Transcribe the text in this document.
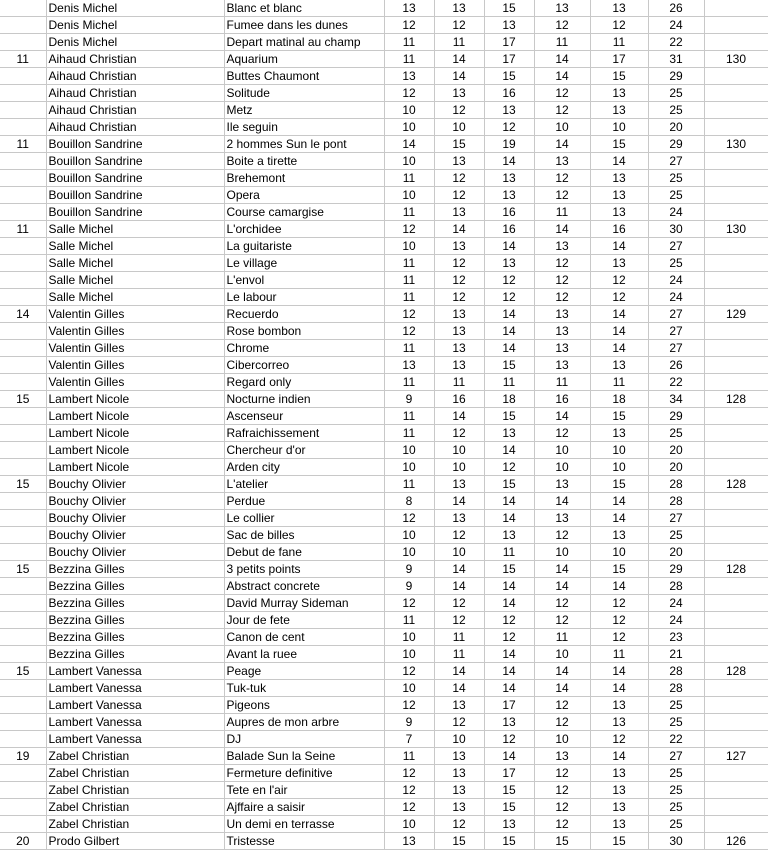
	Denis Michel	Blanc et blanc	13	13	15	13	13	26	
	Denis Michel	Fumee dans les dunes	12	12	13	12	12	24	
	Denis Michel	Depart matinal au champ	11	11	17	11	11	22	
11	Aihaud Christian	Aquarium	11	14	17	14	17	31	130
	Aihaud Christian	Buttes Chaumont	13	14	15	14	15	29	
	Aihaud Christian	Solitude	12	13	16	12	13	25	
	Aihaud Christian	Metz	10	12	13	12	13	25	
	Aihaud Christian	Ile seguin	10	10	12	10	10	20	
11	Bouillon Sandrine	2 hommes Sun le pont	14	15	19	14	15	29	130
	Bouillon Sandrine	Boite a tirette	10	13	14	13	14	27	
	Bouillon Sandrine	Brehemont	11	12	13	12	13	25	
	Bouillon Sandrine	Opera	10	12	13	12	13	25	
	Bouillon Sandrine	Course camargise	11	13	16	11	13	24	
11	Salle Michel	L'orchidee	12	14	16	14	16	30	130
	Salle Michel	La guitariste	10	13	14	13	14	27	
	Salle Michel	Le village	11	12	13	12	13	25	
	Salle Michel	L'envol	11	12	12	12	12	24	
	Salle Michel	Le labour	11	12	12	12	12	24	
14	Valentin Gilles	Recuerdo	12	13	14	13	14	27	129
	Valentin Gilles	Rose bombon	12	13	14	13	14	27	
	Valentin Gilles	Chrome	11	13	14	13	14	27	
	Valentin Gilles	Cibercorreo	13	13	15	13	13	26	
	Valentin Gilles	Regard only	11	11	11	11	11	22	
15	Lambert Nicole	Nocturne indien	9	16	18	16	18	34	128
	Lambert Nicole	Ascenseur	11	14	15	14	15	29	
	Lambert Nicole	Rafraichissement	11	12	13	12	13	25	
	Lambert Nicole	Chercheur d'or	10	10	14	10	10	20	
	Lambert Nicole	Arden city	10	10	12	10	10	20	
15	Bouchy Olivier	L'atelier	11	13	15	13	15	28	128
	Bouchy Olivier	Perdue	8	14	14	14	14	28	
	Bouchy Olivier	Le collier	12	13	14	13	14	27	
	Bouchy Olivier	Sac de billes	10	12	13	12	13	25	
	Bouchy Olivier	Debut de fane	10	10	11	10	10	20	
15	Bezzina Gilles	3 petits points	9	14	15	14	15	29	128
	Bezzina Gilles	Abstract concrete	9	14	14	14	14	28	
	Bezzina Gilles	David Murray Sideman	12	12	14	12	12	24	
	Bezzina Gilles	Jour de fete	11	12	12	12	12	24	
	Bezzina Gilles	Canon de cent	10	11	12	11	12	23	
	Bezzina Gilles	Avant la ruee	10	11	14	10	11	21	
15	Lambert Vanessa	Peage	12	14	14	14	14	28	128
	Lambert Vanessa	Tuk-tuk	10	14	14	14	14	28	
	Lambert Vanessa	Pigeons	12	13	17	12	13	25	
	Lambert Vanessa	Aupres de mon arbre	9	12	13	12	13	25	
	Lambert Vanessa	DJ	7	10	12	10	12	22	
19	Zabel Christian	Balade Sun la Seine	11	13	14	13	14	27	127
	Zabel Christian	Fermeture definitive	12	13	17	12	13	25	
	Zabel Christian	Tete en l'air	12	13	15	12	13	25	
	Zabel Christian	Ajffaire a saisir	12	13	15	12	13	25	
	Zabel Christian	Un demi en terrasse	10	12	13	12	13	25	
20	Prodo Gilbert	Tristesse	13	15	15	15	15	30	126
